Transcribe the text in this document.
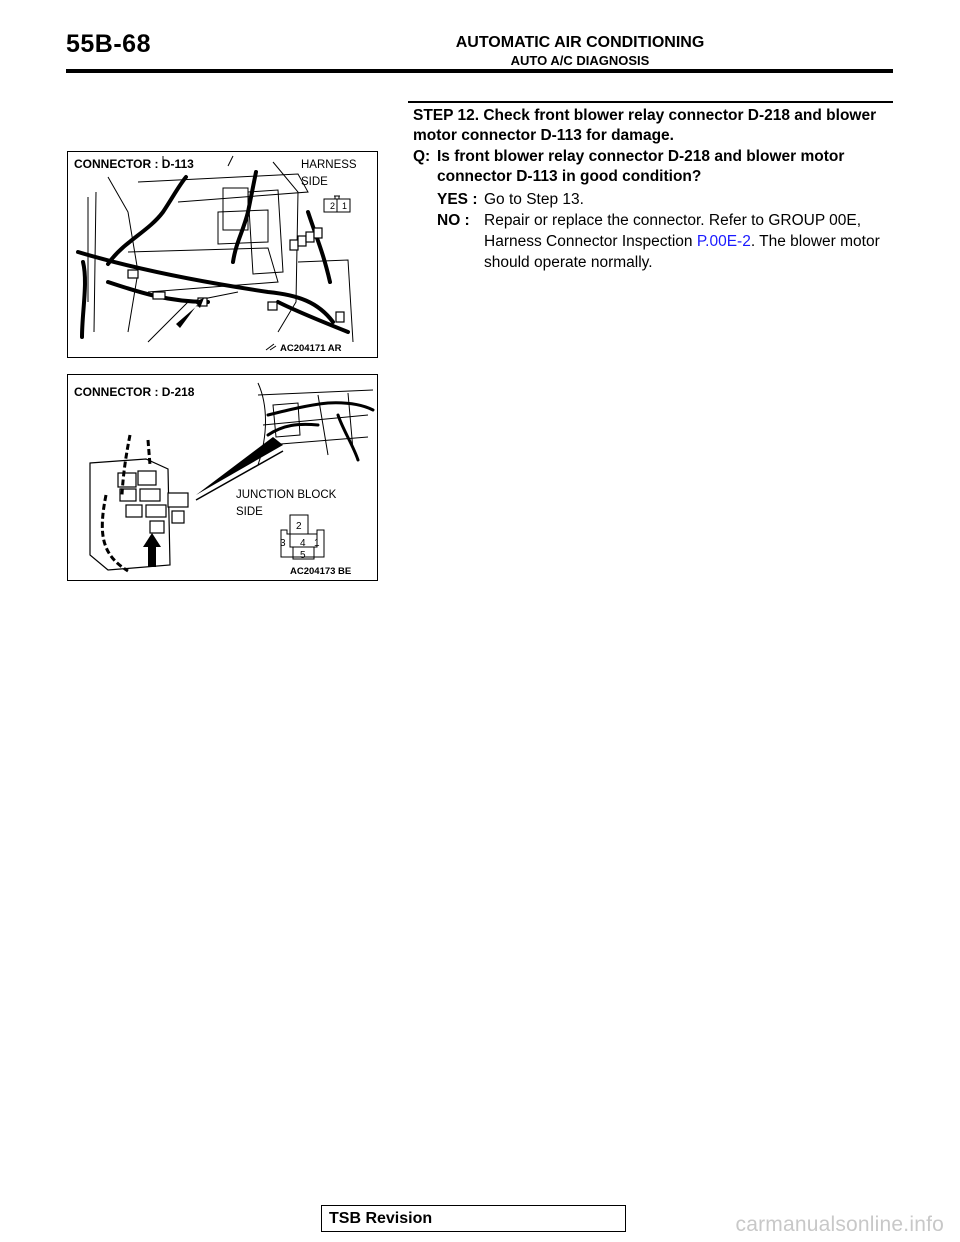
55B-68	AUTOMATIC AIR CONDITIONING
AUTO A/C DIAGNOSIS
2 1
CONNECTOR : D-113	HARNESS SIDE
AC204171 AR
2
3 4 1
5
CONNECTOR : D-218
JUNCTION BLOCK
SIDE
AC204173 BE
STEP 12. Check front blower relay connector D-218 and blower motor connector D-113 for damage.
Q: Is front blower relay connector D-218 and blower motor connector D-113 in good condition?
YES : Go to Step 13.
NO : Repair or replace the connector. Refer to GROUP 00E, Harness Connector Inspection P.00E-2. The blower motor should operate normally.
TSB Revision	carmanualsonline.info
